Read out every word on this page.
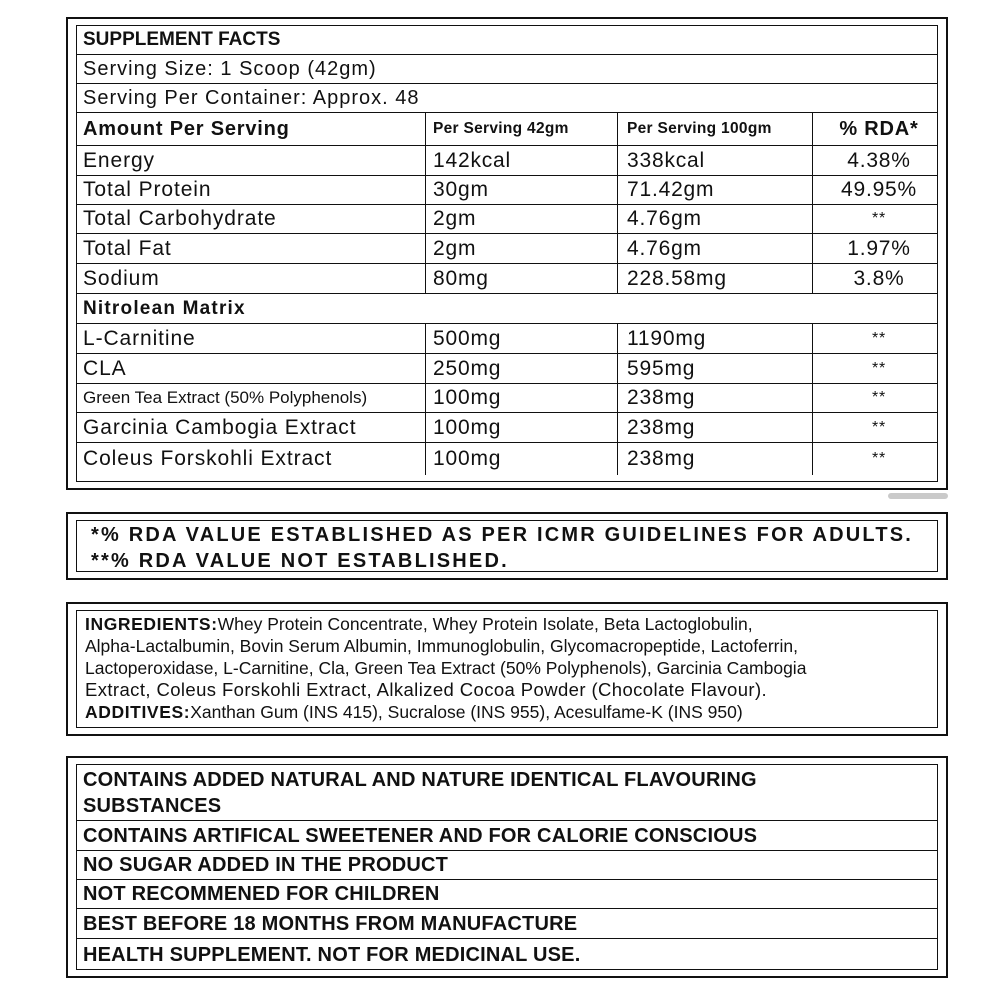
SUPPLEMENT FACTS
Serving Size: 1 Scoop (42gm)
Serving Per Container: Approx. 48
Amount Per Serving	Per Serving 42gm	Per Serving 100gm	% RDA*
Energy	142kcal	338kcal	4.38%
Total Protein	30gm	71.42gm	49.95%
Total Carbohydrate	2gm	4.76gm	**
Total Fat	2gm	4.76gm	1.97%
Sodium	80mg	228.58mg	3.8%
Nitrolean Matrix
L-Carnitine	500mg	1190mg	**
CLA	250mg	595mg	**
Green Tea Extract (50% Polyphenols)	100mg	238mg	**
Garcinia Cambogia Extract	100mg	238mg	**
Coleus Forskohli Extract	100mg	238mg	**
*% RDA VALUE ESTABLISHED AS PER ICMR GUIDELINES FOR ADULTS.
**% RDA VALUE NOT ESTABLISHED.
INGREDIENTS:Whey Protein Concentrate, Whey Protein Isolate, Beta Lactoglobulin,
Alpha-Lactalbumin, Bovin Serum Albumin, Immunoglobulin, Glycomacropeptide, Lactoferrin,
Lactoperoxidase, L-Carnitine, Cla, Green Tea Extract (50% Polyphenols), Garcinia Cambogia
Extract, Coleus Forskohli Extract, Alkalized Cocoa Powder (Chocolate Flavour).
ADDITIVES:Xanthan Gum (INS 415), Sucralose (INS 955), Acesulfame-K (INS 950)
CONTAINS ADDED NATURAL AND NATURE IDENTICAL FLAVOURING SUBSTANCES
CONTAINS ARTIFICAL SWEETENER AND FOR CALORIE CONSCIOUS
NO SUGAR ADDED IN THE PRODUCT
NOT RECOMMENED FOR CHILDREN
BEST BEFORE 18 MONTHS FROM MANUFACTURE
HEALTH SUPPLEMENT. NOT FOR MEDICINAL USE.
